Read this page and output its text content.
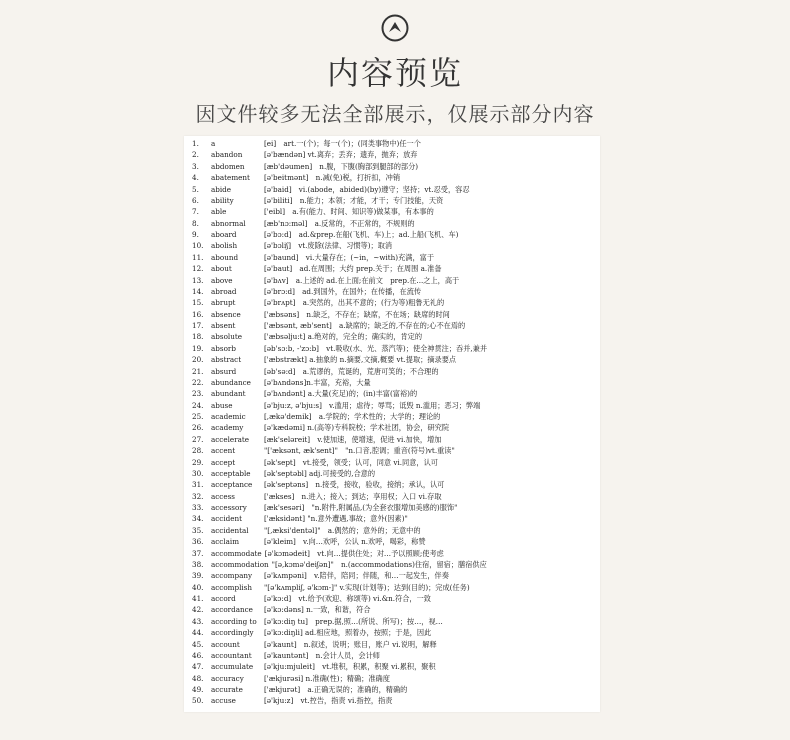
内容预览
因文件较多无法全部展示，仅展示部分内容
1. a	[ei]　art.一(个)；每一(个)；(同类事物中)任一个
2. abandon	[ə'bændən] vt.离弃；丢弃；遗弃，抛弃；放弃
3. abdomen	[æb'dəumen]　n.腹，下腹(胸部到腿部的部分)
4. abatement [ə'beitmənt]　n.减(免)税，打折扣，冲销
5. abide	[ə'baid]　vi.(abode，abided)(by)遵守；坚持；vt.忍受，容忍
6. ability	[ə'biliti]　n.能力；本领；才能，才干；专门技能，天资
7. able	['eibl]　a.有(能力、时间、知识等)做某事，有本事的
8. abnormal	[æb'nɔ:məl]　a.反常的，不正常的，不规则的
9. aboard	[ə'bɔ:d]　ad.&prep.在船(飞机、车)上；ad.上船(飞机、车)
10. abolish	[ə'bɔliʃ]　vt.废除(法律、习惯等)；取消
11. abound	[ə'baund]　vi.大量存在；(~in，~with)充满，富于
12. about	[ə'baut]　ad.在周围；大约 prep.关于；在周围 a.准备
13. above	[ə'bʌv]　a.上述的 ad.在上面;在前文　prep.在...之上，高于
14. abroad	[ə'brɔ:d]　ad.到国外，在国外；在传播，在流传
15. abrupt	[ə'brʌpt]　a.突然的，出其不意的；(行为等)粗鲁无礼的
16. absence	['æbsəns]　n.缺乏，不存在；缺席，不在场；缺席的时间
17. absent	['æbsənt, æb'sent]　a.缺席的；缺乏的,不存在的;心不在焉的
18. absolute	['æbsəlju:t] a.绝对的，完全的；确实的，肯定的
19. absorb	[əb'sɔ:b, -'zɔ:b]　vt.吸收(水、光、蒸汽等)；使全神贯注；吞并,兼并
20. abstract	['æbstrækt] a.抽象的 n.摘要,文摘,概要 vt.提取；摘录要点
21. absurd	[əb'sə:d]　a.荒谬的，荒诞的，荒唐可笑的；不合理的
22. abundance [ə'bʌndəns]n.丰富，充裕，大量
23. abundant	[ə'bʌndənt] a.大量(充足)的；(in)丰富(富裕)的
24. abuse	[ə'bju:z, ə'bju:s]　v.滥用；虐待；辱骂；诋毁 n.滥用；恶习；弊端
25. academic	[,ækə'demik]　a.学院的；学术性的；大学的；理论的
26. academy	[ə'kædəmi] n.(高等)专科院校；学术社团，协会，研究院
27. accelerate [æk'seləreit]　v.使加速，使增速，促进 vi.加快，增加
28. accent	"['æksənt, æk'sent]"　"n.口音,腔调；重音(符号)vt.重读"
29. accept	[ək'sept]　vt.接受，领受；认可，同意 vi.同意，认可
30. acceptable [ək'septəbl] adj.可接受的,合意的
31. acceptance [ək'septəns]　n.接受，接收，验收，接纳；承认，认可
32. access	['ækses]　n.进入；接入；到达；享用权；入口 vi.存取
33. accessory [æk'sesəri]　"n.附件,附属品,(为全套衣服增加美感的)服饰"
34. accident	['æksidənt] "n.意外遭遇,事故；意外(因素)"
35. accidental "[,æksi'dentəl]"　a.偶然的；意外的；无意中的
36. acclaim	[ə'kleim]　v.向…欢呼，公认 n.欢呼，喝彩，称赞
37. accommodate [ə'kɔmədeit]　vt.向…提供住处；对…予以照顾;使考虑
38. accommodation "[ə,kɔmə'deiʃən]"　n.(accommodations)住宿，留宿；膳宿供应
39. accompany [ə'kʌmpəni]　v.陪伴，陪同；伴随，和…一起发生，伴奏
40. accomplish "[ə'kʌmpliʃ, ə'kɔm-]" v.实现(计划等)；达到(目的)；完成(任务)
41. accord	[ə'kɔ:d]　vt.给予(欢迎、称颂等) vi.&n.符合，一致
42. accordance [ə'kɔ:dəns] n.一致，和谐，符合
43. according to [ə'kɔ:diŋ tu]　prep.据,照…(所说、所写)；按…，视…
44. accordingly [ə'kɔ:diŋli] ad.相应地，照着办，按照；于是，因此
45. account	[ə'kaunt]　n.叙述，说明；账目，账户 vi.说明，解释
46. accountant [ə'kauntənt]　n.会计人员，会计师
47. accumulate [ə'kju:mjuleit]　vt.堆积，积累，积聚 vi.累积，聚积
48. accuracy	['ækjurəsi] n.准确(性)；精确；准确度
49. accurate	['ækjurət]　a.正确无误的；准确的，精确的
50. accuse	[ə'kju:z]　vt.控告，指责 vi.指控，指责
